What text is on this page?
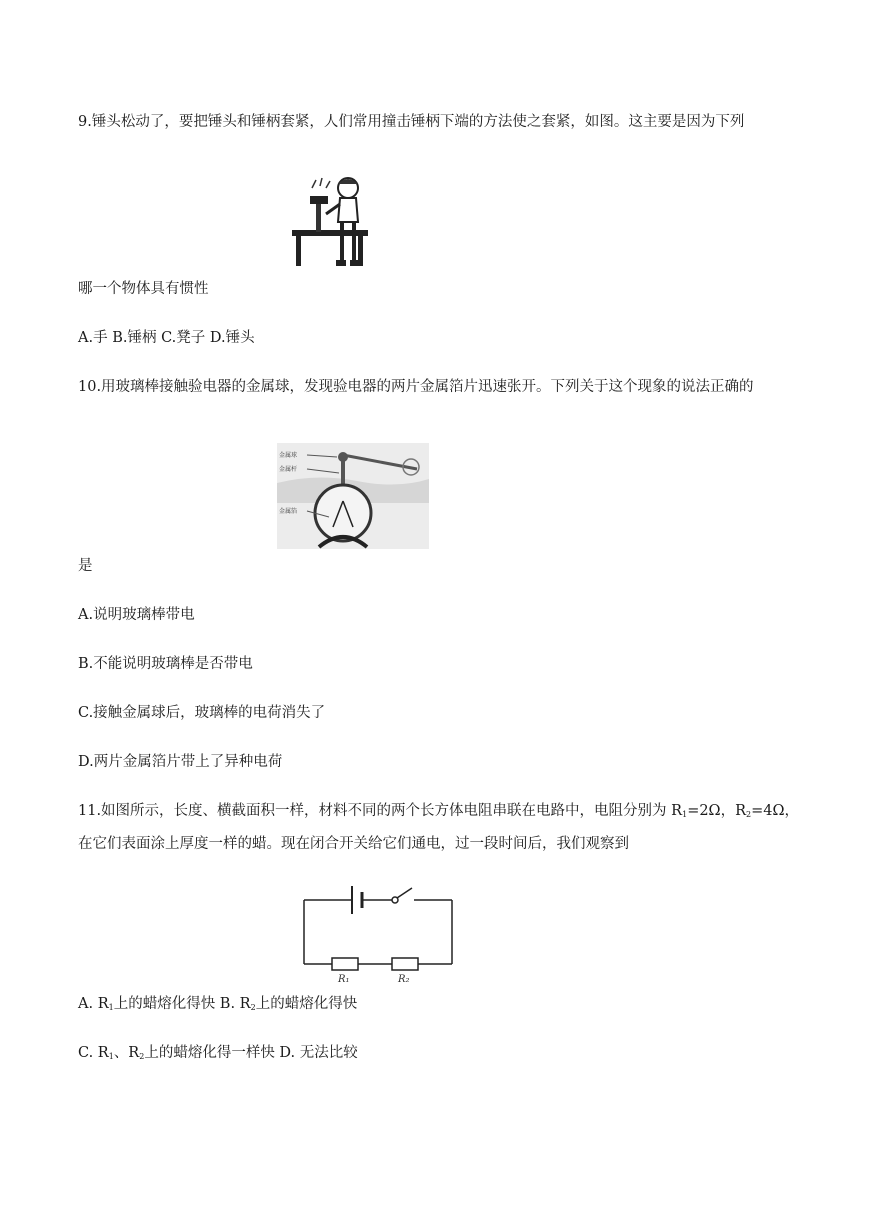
9.锤头松动了，要把锤头和锤柄套紧，人们常用撞击锤柄下端的方法使之套紧，如图。这主要是因为下列
哪一个物体具有惯性
A.手 B.锤柄 C.凳子 D.锤头
10.用玻璃棒接触验电器的金属球，发现验电器的两片金属箔片迅速张开。下列关于这个现象的说法正确的
金属球
金属杆
金属箔
是
A.说明玻璃棒带电
B.不能说明玻璃棒是否带电
C.接触金属球后，玻璃棒的电荷消失了
D.两片金属箔片带上了异种电荷
11.如图所示，长度、横截面积一样，材料不同的两个长方体电阻串联在电路中，电阻分别为 $R_1=2\Omega$，$R_2=4\Omega$，
在它们表面涂上厚度一样的蜡。现在闭合开关给它们通电，过一段时间后，我们观察到
R₁	R₂
A. $R_1$上的蜡熔化得快 B. $R_2$上的蜡熔化得快
C. $R_1$、$R_2$上的蜡熔化得一样快 D. 无法比较
